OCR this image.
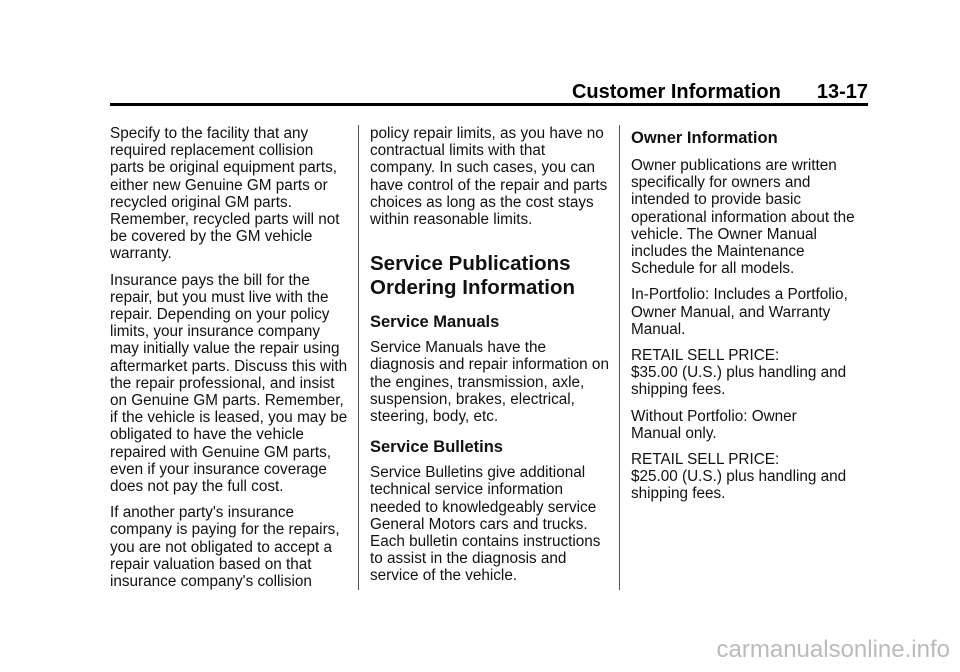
Customer Information 13-17

Specify to the facility that any required replacement collision parts be original equipment parts, either new Genuine GM parts or recycled original GM parts. Remember, recycled parts will not be covered by the GM vehicle warranty.

Insurance pays the bill for the repair, but you must live with the repair. Depending on your policy limits, your insurance company may initially value the repair using aftermarket parts. Discuss this with the repair professional, and insist on Genuine GM parts. Remember, if the vehicle is leased, you may be obligated to have the vehicle repaired with Genuine GM parts, even if your insurance coverage does not pay the full cost.

If another party's insurance company is paying for the repairs, you are not obligated to accept a repair valuation based on that insurance company's collision

policy repair limits, as you have no contractual limits with that company. In such cases, you can have control of the repair and parts choices as long as the cost stays within reasonable limits.

Service Publications Ordering Information
Service Manuals

Service Manuals have the diagnosis and repair information on the engines, transmission, axle, suspension, brakes, electrical, steering, body, etc.

Service Bulletins

Service Bulletins give additional technical service information needed to knowledgeably service General Motors cars and trucks. Each bulletin contains instructions to assist in the diagnosis and service of the vehicle.

Owner Information

Owner publications are written specifically for owners and intended to provide basic operational information about the vehicle. The Owner Manual includes the Maintenance Schedule for all models.

In-Portfolio: Includes a Portfolio, Owner Manual, and Warranty Manual.

RETAIL SELL PRICE:
$35.00 (U.S.) plus handling and shipping fees.

Without Portfolio: Owner
Manual only.

RETAIL SELL PRICE:
$25.00 (U.S.) plus handling and shipping fees.

carmanualsonline.info
